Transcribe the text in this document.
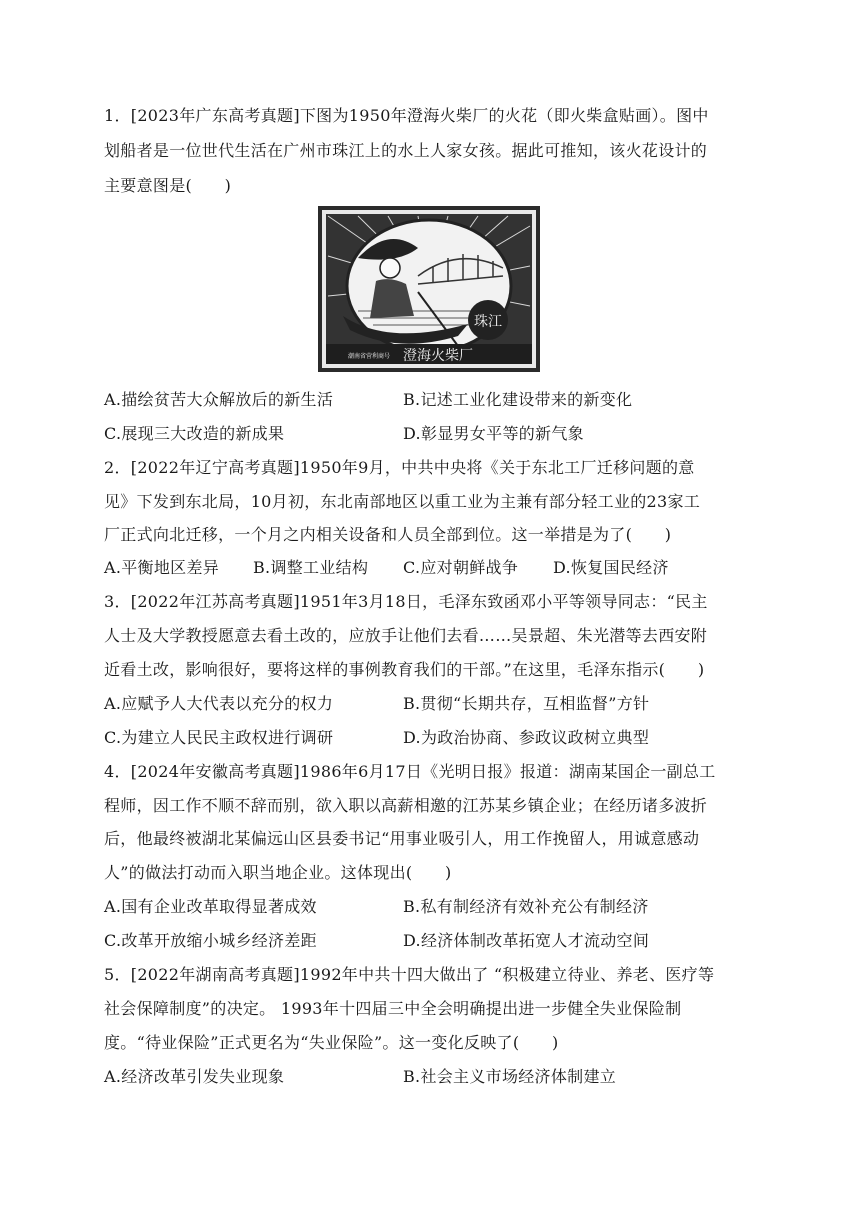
1．[2023年广东高考真题]下图为1950年澄海火柴厂的火花（即火柴盒贴画）。图中
划船者是一位世代生活在广州市珠江上的水上人家女孩。据此可推知，该火花设计的
主要意图是(　　)
珠江
潮南省营利商号 澄海火柴厂
A.描绘贫苦大众解放后的新生活	B.记述工业化建设带来的新变化
C.展现三大改造的新成果	D.彰显男女平等的新气象
2．[2022年辽宁高考真题]1950年9月，中共中央将《关于东北工厂迁移问题的意
见》下发到东北局，10月初，东北南部地区以重工业为主兼有部分轻工业的23家工
厂正式向北迁移，一个月之内相关设备和人员全部到位。这一举措是为了(　　)
A.平衡地区差异 B.调整工业结构 C.应对朝鲜战争 D.恢复国民经济
3．[2022年江苏高考真题]1951年3月18日，毛泽东致函邓小平等领导同志：“民主
人士及大学教授愿意去看土改的，应放手让他们去看……吴景超、朱光潜等去西安附
近看土改，影响很好，要将这样的事例教育我们的干部。”在这里，毛泽东指示(　　)
A.应赋予人大代表以充分的权力	B.贯彻“长期共存，互相监督”方针
C.为建立人民民主政权进行调研	D.为政治协商、参政议政树立典型
4．[2024年安徽高考真题]1986年6月17日《光明日报》报道：湖南某国企一副总工
程师，因工作不顺不辞而别，欲入职以高薪相邀的江苏某乡镇企业；在经历诸多波折
后，他最终被湖北某偏远山区县委书记“用事业吸引人，用工作挽留人，用诚意感动
人”的做法打动而入职当地企业。这体现出(　　)
A.国有企业改革取得显著成效	B.私有制经济有效补充公有制经济
C.改革开放缩小城乡经济差距	D.经济体制改革拓宽人才流动空间
5．[2022年湖南高考真题]1992年中共十四大做出了 “积极建立待业、养老、医疗等
社会保障制度”的决定。 1993年十四届三中全会明确提出进一步健全失业保险制
度。“待业保险”正式更名为“失业保险”。这一变化反映了(　　)
A.经济改革引发失业现象	B.社会主义市场经济体制建立
